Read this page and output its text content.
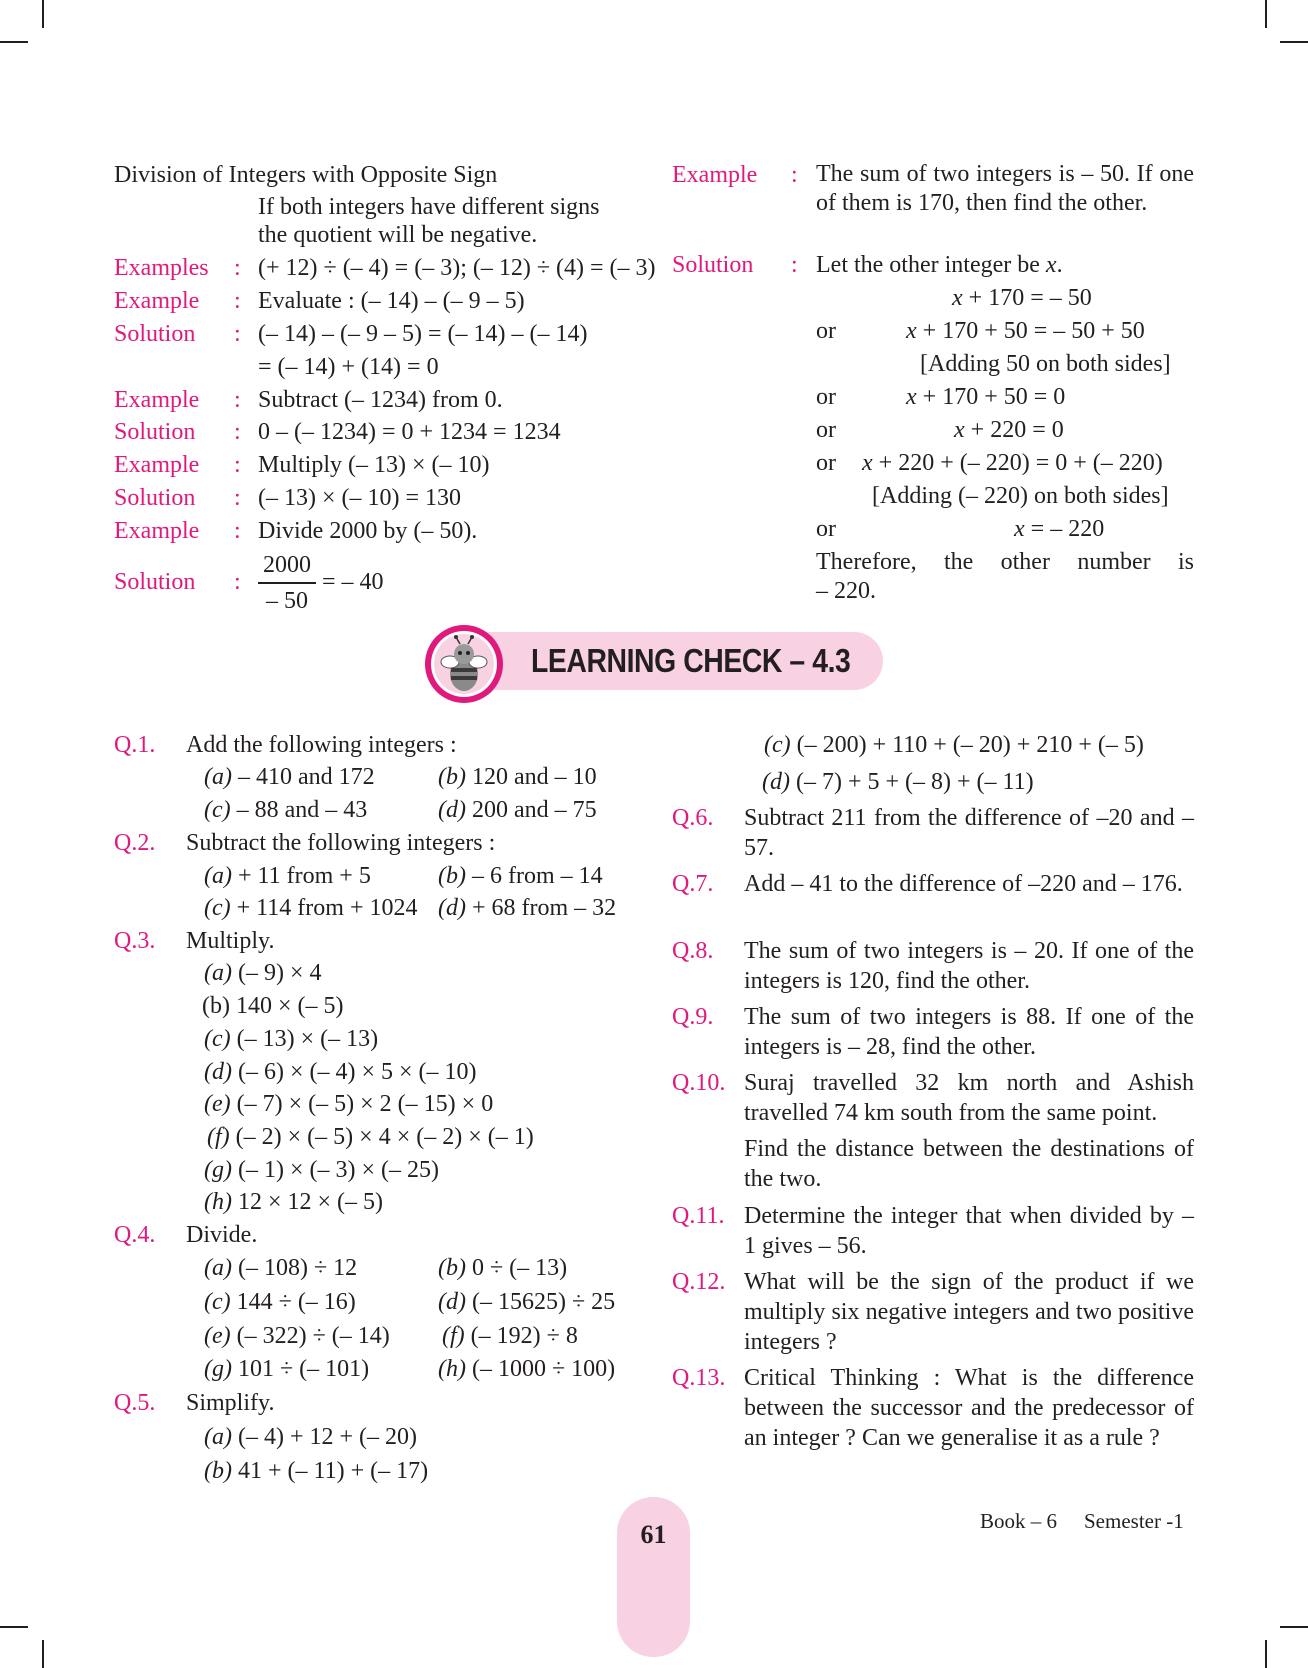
Division of Integers with Opposite Sign
If both integers have different signs
the quotient will be negative.
Examples : (+ 12) ÷ (– 4) = (– 3); (– 12) ÷ (4) = (– 3)
Example : Evaluate : (– 14) – (– 9 – 5)
Solution : (– 14) – (– 9 – 5) = (– 14) – (– 14)
= (– 14) + (14) = 0
Example : Subtract (– 1234) from 0.
Solution : 0 – (– 1234) = 0 + 1234 = 1234
Example : Multiply (– 13) × (– 10)
Solution : (– 13) × (– 10) = 130
Example : Divide 2000 by (– 50).
Solution :
2000
– 50
= – 40
Example : The sum of two integers is – 50. If one of them is 170, then find the other.
Solution : Let the other integer be x.
x + 170 = – 50
or	x + 170 + 50 = – 50 + 50
[Adding 50 on both sides]
or	x + 170 + 50 = 0
or	x + 220 = 0
or x + 220 + (– 220) = 0 + (– 220)
[Adding (– 220) on both sides]
or	x = – 220
Therefore, the other number is
– 220.
LEARNING CHECK – 4.3
Q.1. Add the following integers :
(a) – 410 and 172	(b) 120 and – 10
(c) – 88 and – 43	(d) 200 and – 75
Q.2. Subtract the following integers :
(a) + 11 from + 5	(b) – 6 from – 14
(c) + 114 from + 1024 (d) + 68 from – 32
Q.3. Multiply.
(a) (– 9) × 4
(b) 140 × (– 5)
(c) (– 13) × (– 13)
(d) (– 6) × (– 4) × 5 × (– 10)
(e) (– 7) × (– 5) × 2 (– 15) × 0
(f) (– 2) × (– 5) × 4 × (– 2) × (– 1)
(g) (– 1) × (– 3) × (– 25)
(h) 12 × 12 × (– 5)
Q.4. Divide.
(a) (– 108) ÷ 12	(b) 0 ÷ (– 13)
(c) 144 ÷ (– 16)	(d) (– 15625) ÷ 25
(e) (– 322) ÷ (– 14) (f) (– 192) ÷ 8
(g) 101 ÷ (– 101)	(h) (– 1000 ÷ 100)
Q.5. Simplify.
(a) (– 4) + 12 + (– 20)
(b) 41 + (– 11) + (– 17)
(c) (– 200) + 110 + (– 20) + 210 + (– 5)
(d) (– 7) + 5 + (– 8) + (– 11)
Q.6. Subtract 211 from the difference of –20 and –57.
Q.7. Add – 41 to the difference of –220 and – 176.
Q.8. The sum of two integers is – 20. If one of the integers is 120, find the other.
Q.9. The sum of two integers is 88. If one of the integers is – 28, find the other.
Q.10. Suraj travelled 32 km north and Ashish travelled 74 km south from the same point.
Find the distance between the destinations of the two.
Q.11. Determine the integer that when divided by – 1 gives – 56.
Q.12. What will be the sign of the product if we multiply six negative integers and two positive integers ?
Q.13. Critical Thinking : What is the difference between the successor and the predecessor of an integer ? Can we generalise it as a rule ?
61	Book – 6 Semester -1
